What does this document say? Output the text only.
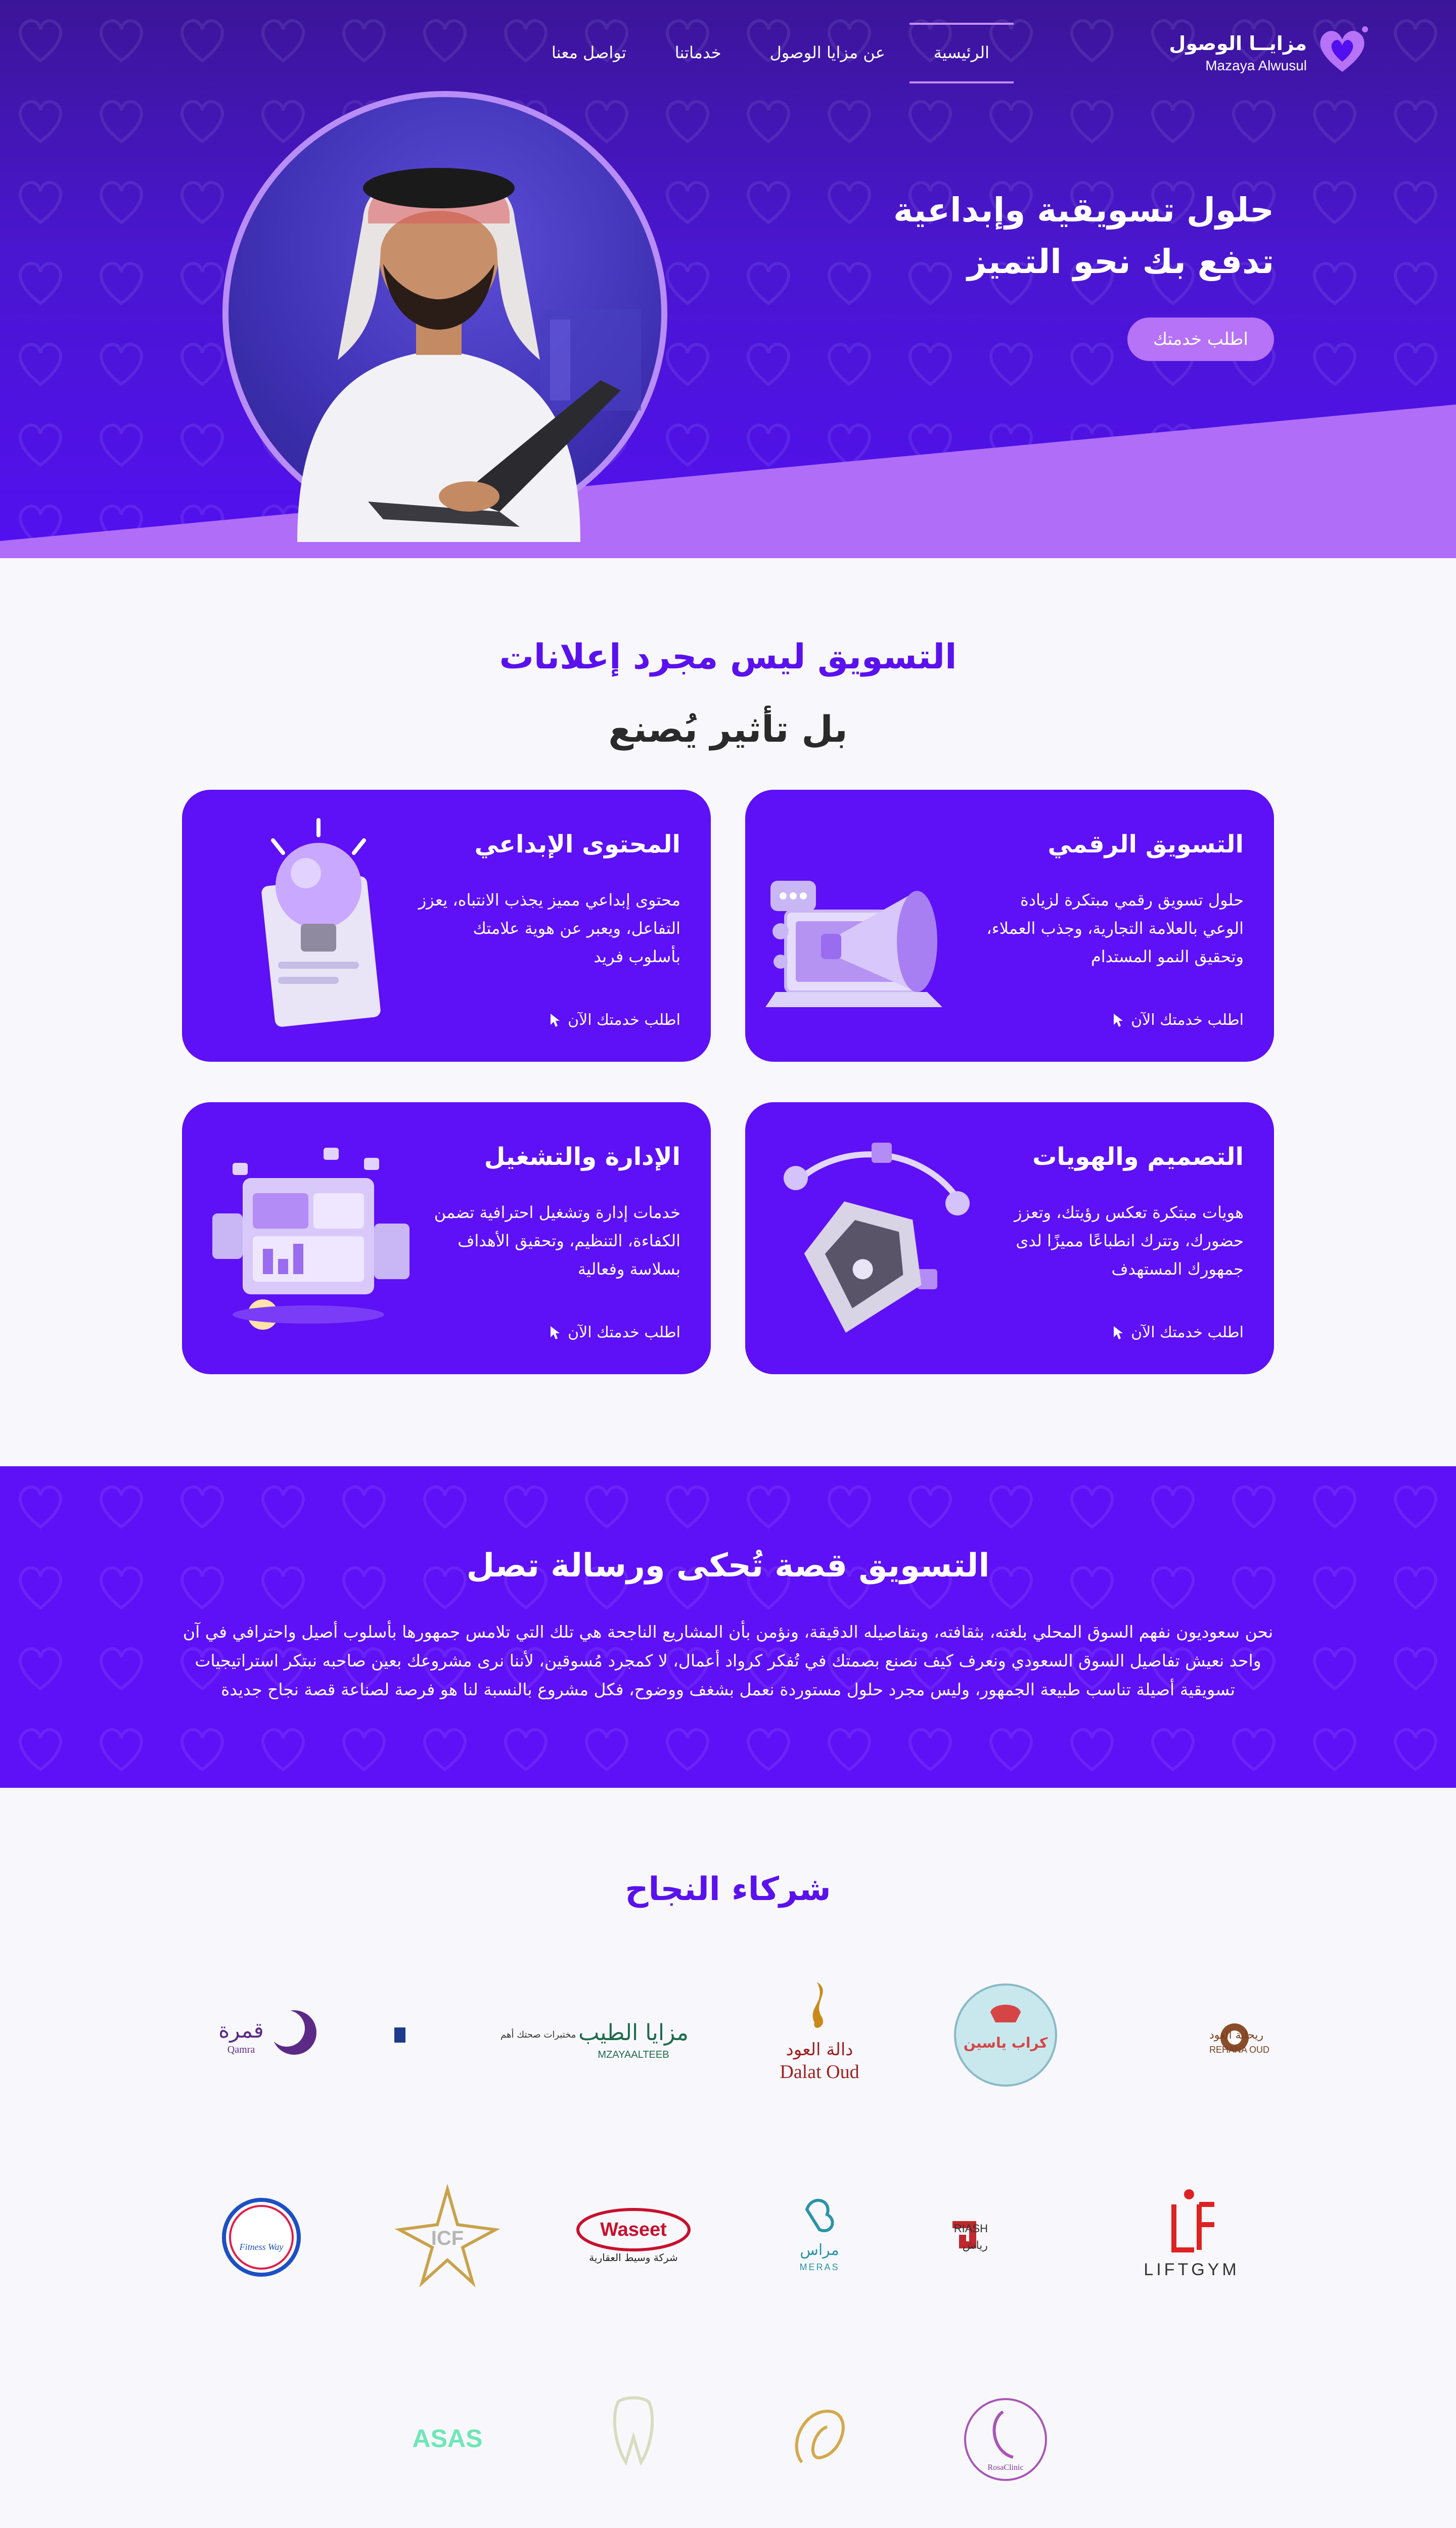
مزايــا الوصول
Mazaya Alwusul
الرئيسية
عن مزايا الوصول
خدماتنا
تواصل معنا
حلول تسويقية وإبداعية تدفع بك نحو التميز
اطلب خدمتك
التسويق ليس مجرد إعلانات
بل تأثير يُصنع
التسويق الرقمي
حلول تسويق رقمي مبتكرة لزيادة الوعي بالعلامة التجارية، وجذب العملاء، وتحقيق النمو المستدام
اطلب خدمتك الآن
المحتوى الإبداعي
محتوى إبداعي مميز يجذب الانتباه، يعزز التفاعل، ويعبر عن هوية علامتك بأسلوب فريد
اطلب خدمتك الآن
التصميم والهويات
هويات مبتكرة تعكس رؤيتك، وتعزز حضورك، وتترك انطباعًا مميزًا لدى جمهورك المستهدف
اطلب خدمتك الآن
الإدارة والتشغيل
خدمات إدارة وتشغيل احترافية تضمن الكفاءة، التنظيم، وتحقيق الأهداف بسلاسة وفعالية
اطلب خدمتك الآن
التسويق قصة تُحكى ورسالة تصل

نحن سعوديون نفهم السوق المحلي بلغته، بثقافته، وبتفاصيله الدقيقة، ونؤمن بأن المشاريع الناجحة هي تلك التي تلامس جمهورها بأسلوب أصيل واحترافي في آن واحد نعيش تفاصيل السوق السعودي ونعرف كيف نصنع بصمتك في تُفكر كرواد أعمال، لا كمجرد مُسوقين، لأننا نرى مشروعك بعين صاحبه نبتكر استراتيجيات تسويقية أصيلة تناسب طبيعة الجمهور، وليس مجرد حلول مستوردة نعمل بشغف ووضوح، فكل مشروع بالنسبة لنا هو فرصة لصناعة قصة نجاح جديدة

شركاء النجاح
ريحانة العود
REHANA OUD
كراب ياسين
دالة العود
Dalat Oud
مزايا الطيب
MZAYAALTEEB
مختبرات صحتك أهم
قمرة
Qamra
LIFTGYM
RIASH
رياش
مراس
MERAS
Waseet
شركة وسيط العقارية
ICF
Fitness Way
RosaClinic
ASAS
